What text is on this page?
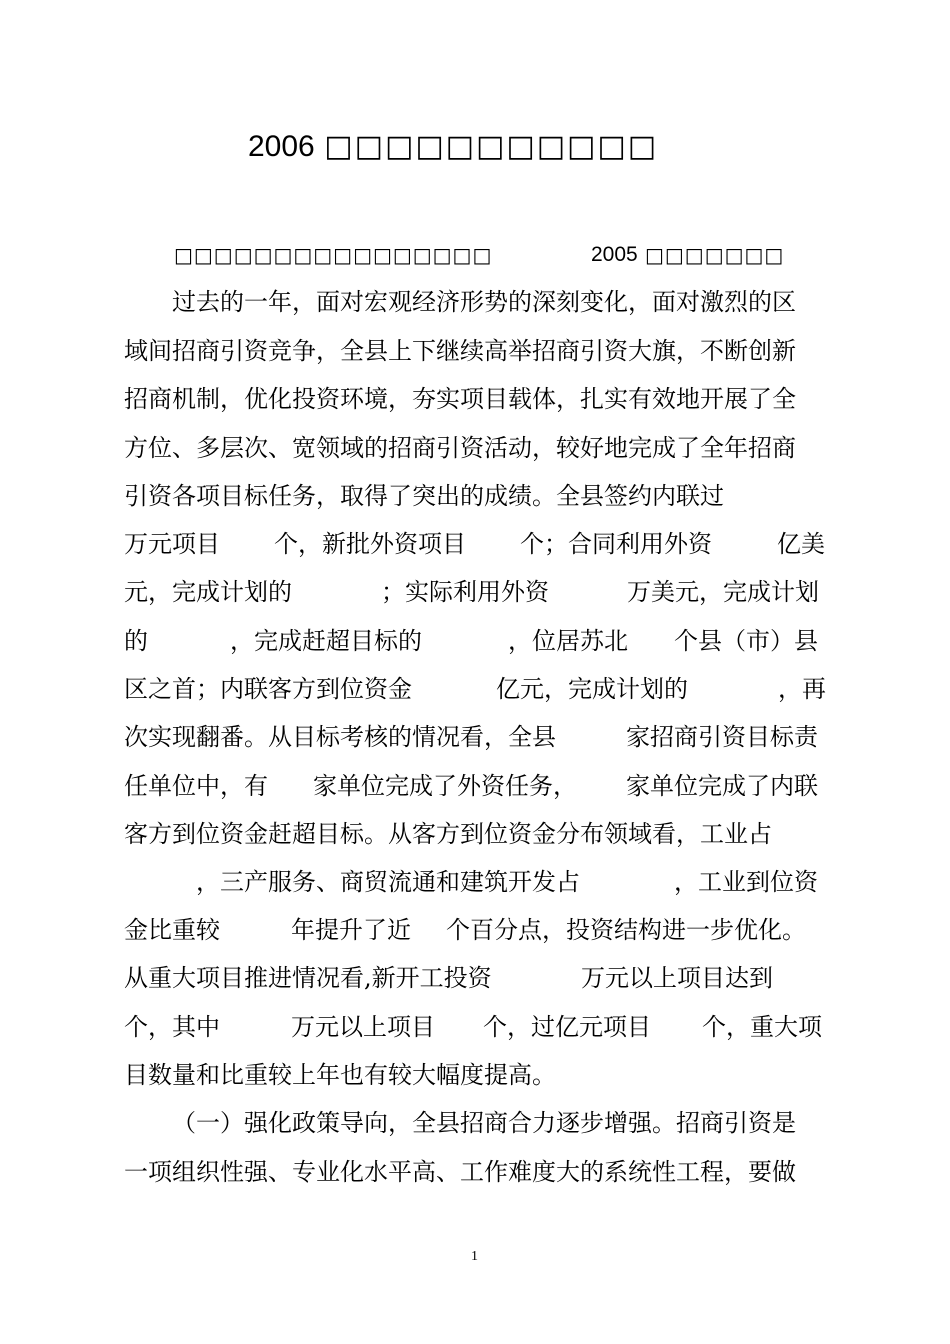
2006 □□□□□□□□□□□
□□□□□□□□□□□□□□□□	2005 □□□□□□□
过去的一年，面对宏观经济形势的深刻变化，面对激烈的区
域间招商引资竞争，全县上下继续高举招商引资大旗，不断创新
招商机制，优化投资环境，夯实项目载体，扎实有效地开展了全
方位、多层次、宽领域的招商引资活动，较好地完成了全年招商
引资各项目标任务，取得了突出的成绩。全县签约内联过
万元项目 个，新批外资项目 个；合同利用外资	亿美
元，完成计划的	；实际利用外资	万美元，完成计划
的	，完成赶超目标的	，位居苏北 个县（市）县
区之首；内联客方到位资金	亿元，完成计划的	，再
次实现翻番。从目标考核的情况看，全县	家招商引资目标责
任单位中，有 家单位完成了外资任务， 家单位完成了内联
客方到位资金赶超目标。从客方到位资金分布领域看，工业占
，三产服务、商贸流通和建筑开发占	，工业到位资
金比重较	年提升了近 个百分点，投资结构进一步优化。
从重大项目推进情况看,新开工投资	万元以上项目达到
个，其中	万元以上项目 个，过亿元项目 个，重大项
目数量和比重较上年也有较大幅度提高。
（一）强化政策导向，全县招商合力逐步增强。招商引资是
一项组织性强、专业化水平高、工作难度大的系统性工程，要做
1
